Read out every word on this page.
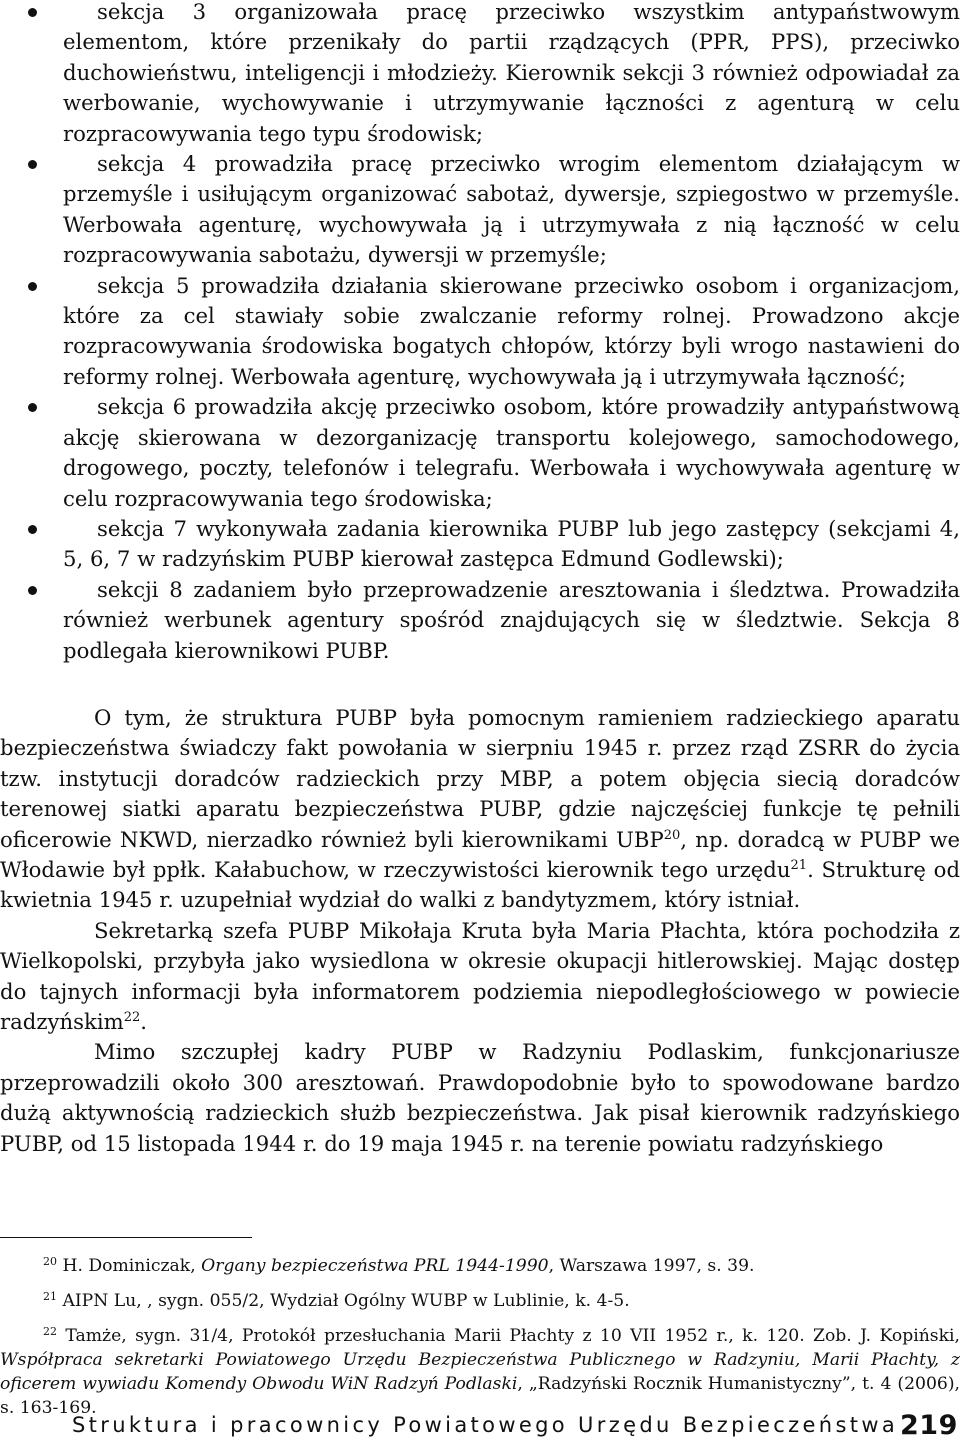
sekcja 3 organizowała pracę przeciwko wszystkim antypaństwowym elementom, które przenikały do partii rządzących (PPR, PPS), przeciwko duchowieństwu, inteligencji i młodzieży. Kierownik sekcji 3 również odpowiadał za werbowanie, wychowywanie i utrzymywanie łączności z agenturą w celu rozpracowywania tego typu środowisk;

sekcja 4 prowadziła pracę przeciwko wrogim elementom działającym w przemyśle i usiłującym organizować sabotaż, dywersje, szpiegostwo w przemyśle. Werbowała agenturę, wychowywała ją i utrzymywała z nią łączność w celu rozpracowywania sabotażu, dywersji w przemyśle;

sekcja 5 prowadziła działania skierowane przeciwko osobom i organizacjom, które za cel stawiały sobie zwalczanie reformy rolnej. Prowadzono akcje rozpracowywania środowiska bogatych chłopów, którzy byli wrogo nastawieni do reformy rolnej. Werbowała agenturę, wychowywała ją i utrzymywała łączność;

sekcja 6 prowadziła akcję przeciwko osobom, które prowadziły antypaństwową akcję skierowana w dezorganizację transportu kolejowego, samochodowego, drogowego, poczty, telefonów i telegrafu. Werbowała i wychowywała agenturę w celu rozpracowywania tego środowiska;

sekcja 7 wykonywała zadania kierownika PUBP lub jego zastępcy (sekcjami 4, 5, 6, 7 w radzyńskim PUBP kierował zastępca Edmund Godlewski);

sekcji 8 zadaniem było przeprowadzenie aresztowania i śledztwa. Prowadziła również werbunek agentury spośród znajdujących się w śledztwie. Sekcja 8 podlegała kierownikowi PUBP.

O tym, że struktura PUBP była pomocnym ramieniem radzieckiego aparatu bezpieczeństwa świadczy fakt powołania w sierpniu 1945 r. przez rząd ZSRR do życia tzw. instytucji doradców radzieckich przy MBP, a potem objęcia siecią doradców terenowej siatki aparatu bezpieczeństwa PUBP, gdzie najczęściej funkcje tę pełnili oficerowie NKWD, nierzadko również byli kierownikami UBP$^{20}$, np. doradcą w PUBP we Włodawie był ppłk. Kałabuchow, w rzeczywistości kierownik tego urzędu$^{21}$. Strukturę od kwietnia 1945 r. uzupełniał wydział do walki z bandytyzmem, który istniał.

Sekretarką szefa PUBP Mikołaja Kruta była Maria Płachta, która pochodziła z Wielkopolski, przybyła jako wysiedlona w okresie okupacji hitlerowskiej. Mając dostęp do tajnych informacji była informatorem podziemia niepodległościowego w powiecie radzyńskim$^{22}$.

Mimo szczupłej kadry PUBP w Radzyniu Podlaskim, funkcjonariusze przeprowadzili około 300 aresztowań. Prawdopodobnie było to spowodowane bardzo dużą aktywnością radzieckich służb bezpieczeństwa. Jak pisał kierownik radzyńskiego PUBP, od 15 listopada 1944 r. do 19 maja 1945 r. na terenie powiatu radzyńskiego

$^{20}$ H. Dominiczak, Organy bezpieczeństwa PRL 1944-1990, Warszawa 1997, s. 39.

$^{21}$ AIPN Lu, , sygn. 055/2, Wydział Ogólny WUBP w Lublinie, k. 4-5.

$^{22}$ Tamże, sygn. 31/4, Protokół przesłuchania Marii Płachty z 10 VII 1952 r., k. 120. Zob. J. Kopiński, Współpraca sekretarki Powiatowego Urzędu Bezpieczeństwa Publicznego w Radzyniu, Marii Płachty, z oficerem wywiadu Komendy Obwodu WiN Radzyń Podlaski, „Radzyński Rocznik Humanistyczny”, t. 4 (2006), s. 163-169.

Struktura i pracownicy Powiatowego Urzędu Bezpieczeństwa 219
